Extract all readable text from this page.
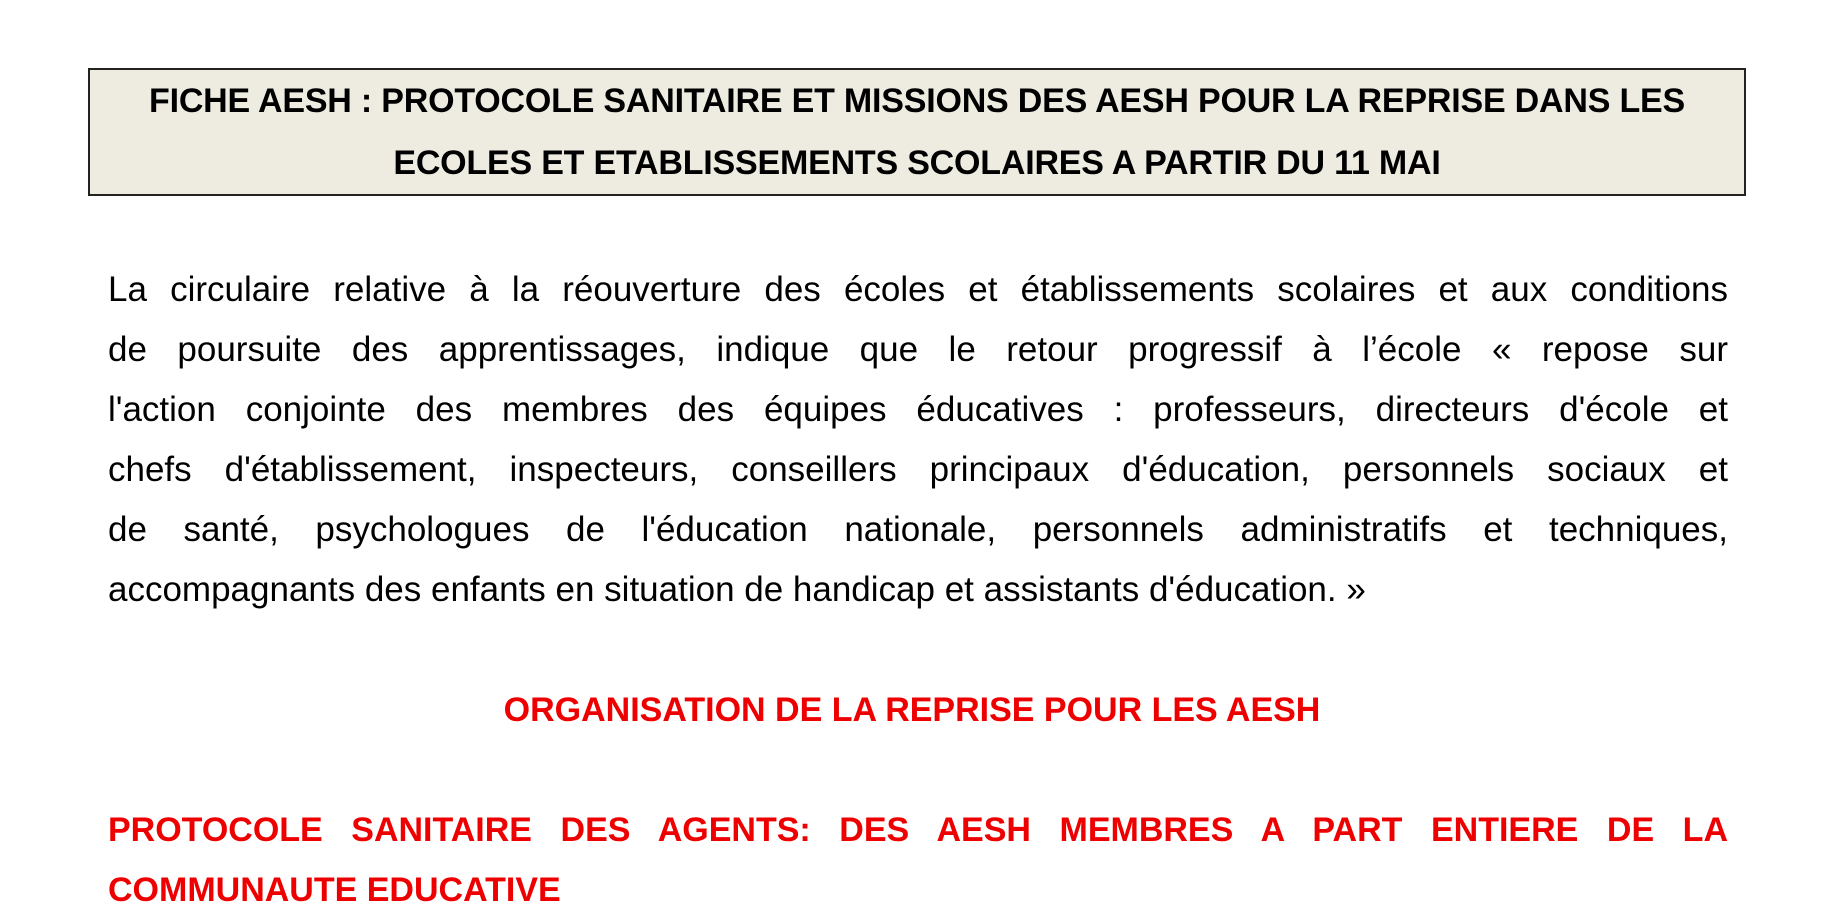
FICHE AESH : PROTOCOLE SANITAIRE ET MISSIONS DES AESH POUR LA REPRISE DANS LES
ECOLES ET ETABLISSEMENTS SCOLAIRES A PARTIR DU 11 MAI
La circulaire relative à la réouverture des écoles et établissements scolaires et aux conditions
de poursuite des apprentissages, indique que le retour progressif à l’école « repose sur
l'action conjointe des membres des équipes éducatives : professeurs, directeurs d'école et
chefs d'établissement, inspecteurs, conseillers principaux d'éducation, personnels sociaux et
de santé, psychologues de l'éducation nationale, personnels administratifs et techniques,
accompagnants des enfants en situation de handicap et assistants d'éducation. »
ORGANISATION DE LA REPRISE POUR LES AESH
PROTOCOLE SANITAIRE DES AGENTS: DES AESH MEMBRES A PART ENTIERE DE LA
COMMUNAUTE EDUCATIVE
